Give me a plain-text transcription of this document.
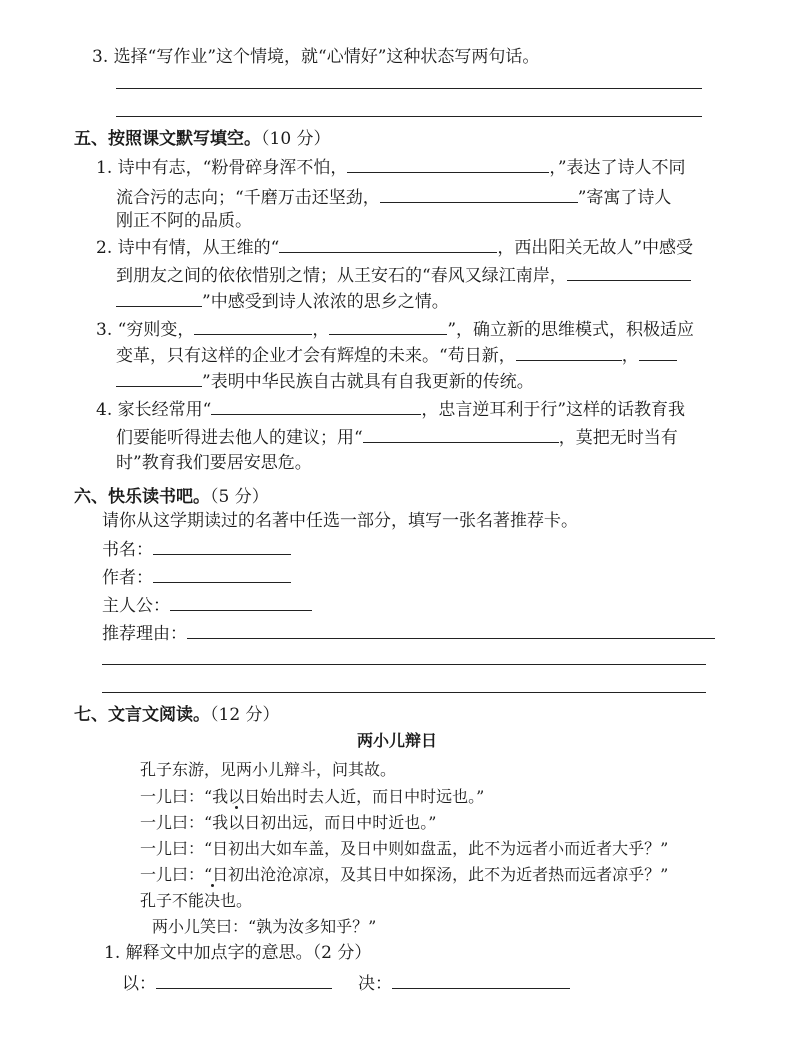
3. 选择“写作业”这个情境，就“心情好”这种状态写两句话。
五、按照课文默写填空。（10 分）
1. 诗中有志，“粉骨碎身浑不怕，	，”表达了诗人不同
流合污的志向；“千磨万击还坚劲，	”寄寓了诗人
刚正不阿的品质。
2. 诗中有情，从王维的“	，西出阳关无故人”中感受
到朋友之间的依依惜别之情；从王安石的“春风又绿江南岸，
”中感受到诗人浓浓的思乡之情。
3. “穷则变，	，	”，确立新的思维模式，积极适应
变革，只有这样的企业才会有辉煌的未来。“苟日新，	，
”表明中华民族自古就具有自我更新的传统。
4. 家长经常用“	，忠言逆耳利于行”这样的话教育我
们要能听得进去他人的建议；用“	，莫把无时当有
时”教育我们要居安思危。
六、快乐读书吧。（5 分）
请你从这学期读过的名著中任选一部分，填写一张名著推荐卡。
书名：
作者：
主人公：
推荐理由：
七、文言文阅读。（12 分）
两小儿辩日
孔子东游，见两小儿辩斗，问其故。
一儿曰：“我以日始出时去人近，而日中时远也。”
一儿曰：“我以日初出远，而日中时近也。”
一儿曰：“日初出大如车盖，及日中则如盘盂，此不为远者小而近者大乎？”
一儿曰：“日初出沧沧凉凉，及其日中如探汤，此不为近者热而远者凉乎？”
孔子不能决也。
两小儿笑曰：“孰为汝多知乎？”
1. 解释文中加点字的意思。（2 分）
以：	决：
